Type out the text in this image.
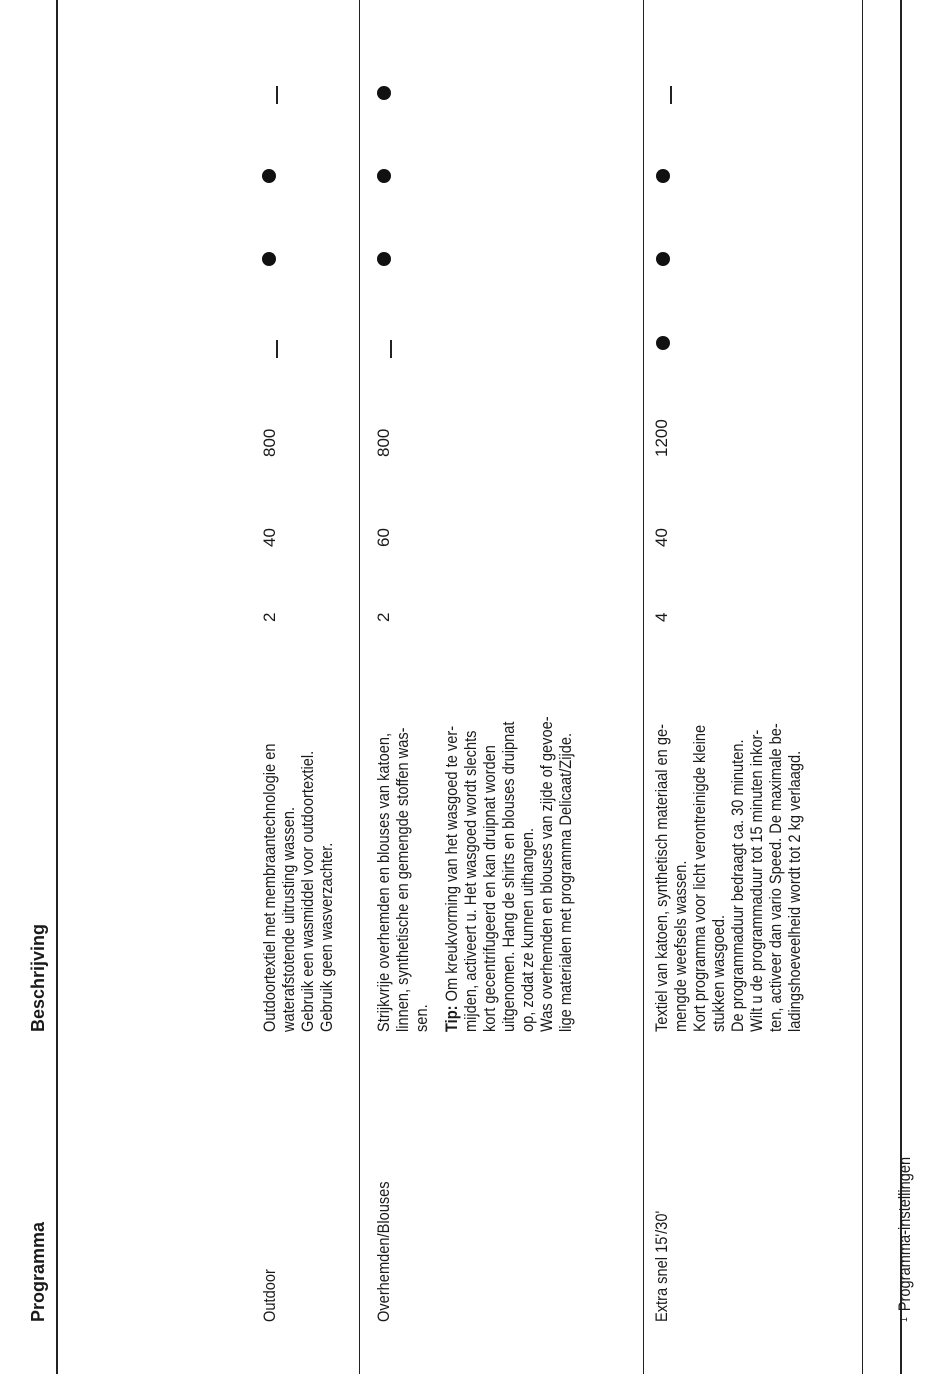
Programma
Beschrijving
Outdoor

Outdoortextiel met membraantechnologie en waterafstotende uitrusting wassen. Gebruik een wasmiddel voor outdoortextiel. Gebruik geen wasverzachter.

2
40
800
Overhemden/Blouses

Strijkvrije overhemden en blouses van katoen, linnen, synthetische en gemengde stoffen was- sen. Tip: Om kreukvorming van het wasgoed te ver- mijden, activeert u. Het wasgoed wordt slechts kort gecentrifugeerd en kan druipnat worden uitgenomen. Hang de shirts en blouses druipnat op, zodat ze kunnen uithangen. Was overhemden en blouses van zijde of gevoe- lige materialen met programma Delicaat/Zijde.

2
60
800
Extra snel 15'/30'

Textiel van katoen, synthetisch materiaal en ge- mengde weefsels wassen. Kort programma voor licht verontreinigde kleine stukken wasgoed. De programmaduur bedraagt ca. 30 minuten. Wilt u de programmaduur tot 15 minuten inkor- ten, activeer dan vario Speed. De maximale be- ladingshoeveelheid wordt tot 2 kg verlaagd.

4
40
1200
$^1$Programma-instellingen
